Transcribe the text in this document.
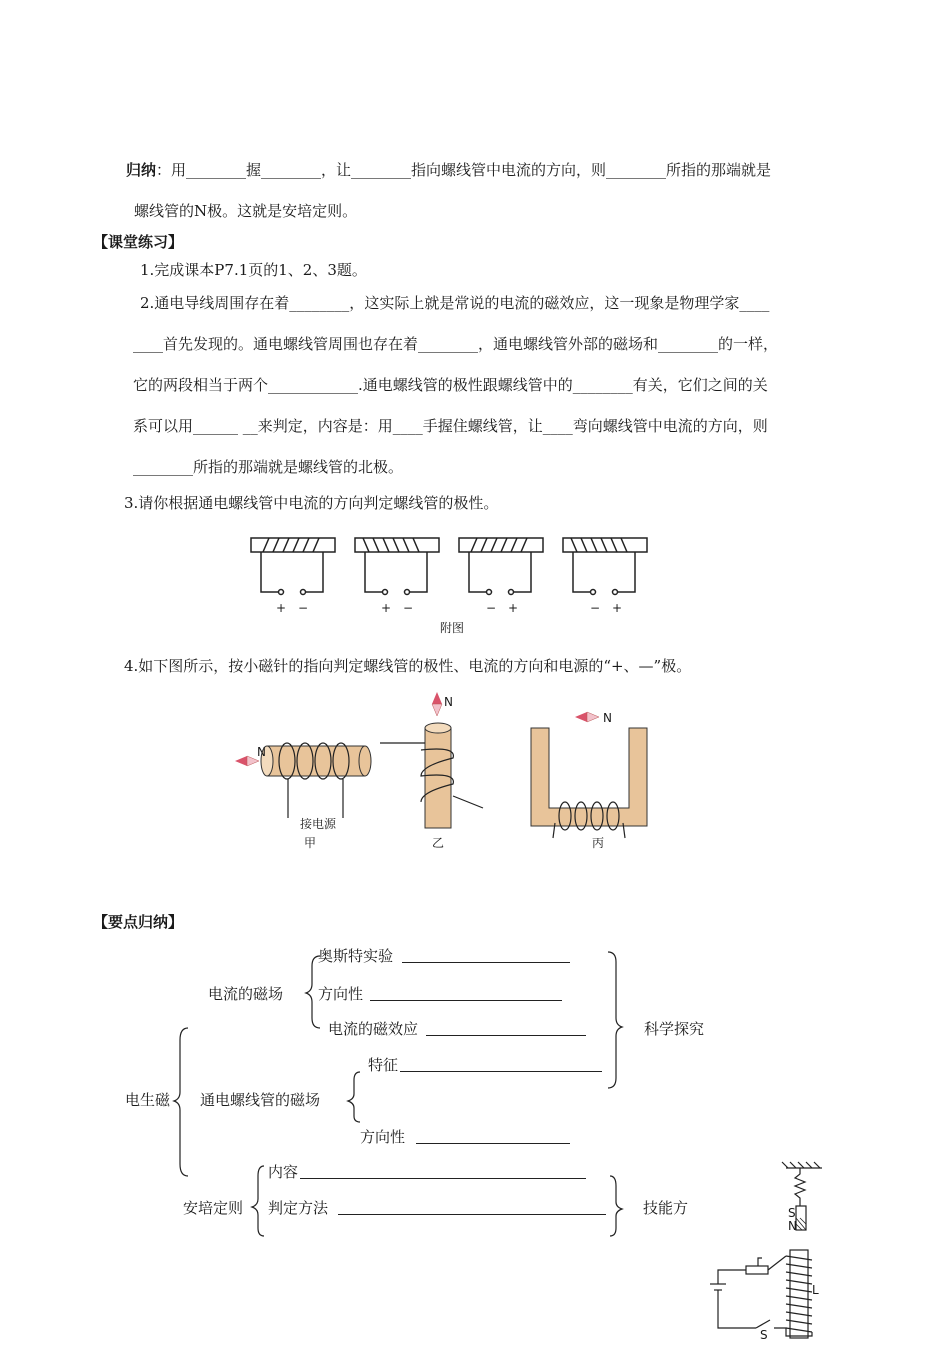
归纳：用________握________，让________指向螺线管中电流的方向，则________所指的那端就是
螺线管的N极。这就是安培定则。
【课堂练习】
1.完成课本P7.1页的1、2、3题。
2.通电导线周围存在着________，这实际上就是常说的电流的磁效应，这一现象是物理学家____
____首先发现的。通电螺线管周围也存在着________，通电螺线管外部的磁场和________的一样，
它的两段相当于两个____________.通电螺线管的极性跟螺线管中的________有关，它们之间的关
系可以用______ __来判定，内容是：用____手握住螺线管，让____弯向螺线管中电流的方向，则
________所指的那端就是螺线管的北极。
3.请你根据通电螺线管中电流的方向判定螺线管的极性。
+ −	+ −	− +	− +
附图
4.如下图所示，按小磁针的指向判定螺线管的极性、电流的方向和电源的“+、—”极。
N
N
N
接电源
甲	乙	丙
【要点归纳】
奥斯特实验
电流的磁场 方向性
电流的磁效应	科学探究
特征
电生磁 通电螺线管的磁场
方向性
内容
安培定则 判定方法	技能方	S
N
L
S
